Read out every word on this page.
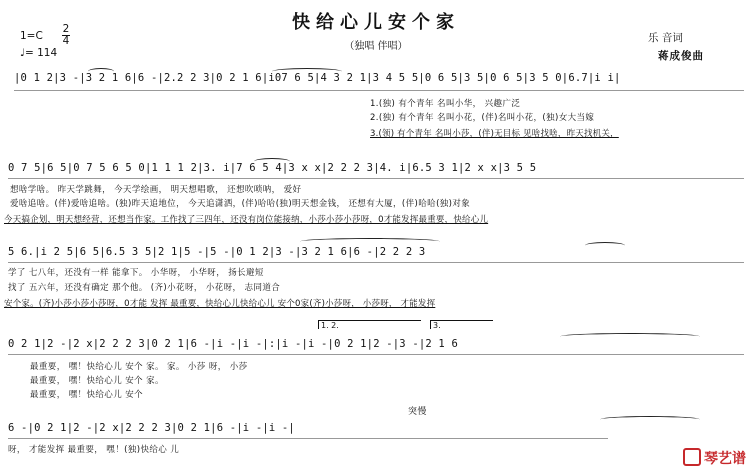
快给心儿安个家
（独唱 伴唱）
1=C
2
4
♩= 114
乐 音词
蒋成俊曲
|0 1 2|3 -|3 2 1 6|6 -|2.2 2 3|0 2 1 6|i07 6 5|4 3 2 1|3 4 5 5|0 6 5|3 5|0 6 5|3 5 0|6.7|i i|
1.(独) 有个青年 名叫小华， 兴趣广泛
2.(独) 有个青年 名叫小花，(伴)名叫小花，(独)女大当嫁
3.(领) 有个青年 名叫小莎，(伴)无目标 见啥找啥，昨天找机关，
0 7 5|6 5|0 7 5 6 5 0|1 1 1 2|3. i|7 6 5 4|3 x x|2 2 2 3|4. i|6.5 3 1|2 x x|3 5 5
想啥学啥。 昨天学跳舞， 今天学绘画， 明天想唱歌， 还想吹唢呐， 爱好
爱啥追啥。(伴)爱啥追啥。(独)昨天追地位， 今天追潇洒，(伴)哈哈(独)明天想金钱， 还想有大厦，(伴)哈哈(独)对象
今天搞企划，明天想经营，还想当作家。工作找了三四年，还没有岗位能接纳，小莎小莎小莎呀，0才能发挥最重要，快给心儿
5 6.|i 2 5|6 5|6.5 3 5|2 1|5 -|5 -|0 1 2|3 -|3 2 1 6|6 -|2 2 2 3
学了 七八年，还没有一样 能拿下。 小华呀， 小华呀， 扬长避短
找了 五六年，还没有确定 那个他。 (齐)小花呀， 小花呀， 志同道合
安个家。(齐)小莎小莎小莎呀，0才能 发挥 最重要，快给心儿快给心儿 安个0家(齐)小莎呀， 小莎呀， 才能发挥
1. 2.	3.
0 2 1|2 -|2 x|2 2 2 3|0 2 1|6 -|i -|i -|:|i -|i -|0 2 1|2 -|3 -|2 1 6
最重要， 嘿！快给心儿 安个 家。 家。 小莎 呀， 小莎
最重要， 嘿！快给心儿 安个 家。
最重要， 嘿！快给心儿 安个
突慢
6 -|0 2 1|2 -|2 x|2 2 2 3|0 2 1|6 -|i -|i -|
呀， 才能发挥 最重要， 嘿！(独)快给心 儿
琴艺谱
